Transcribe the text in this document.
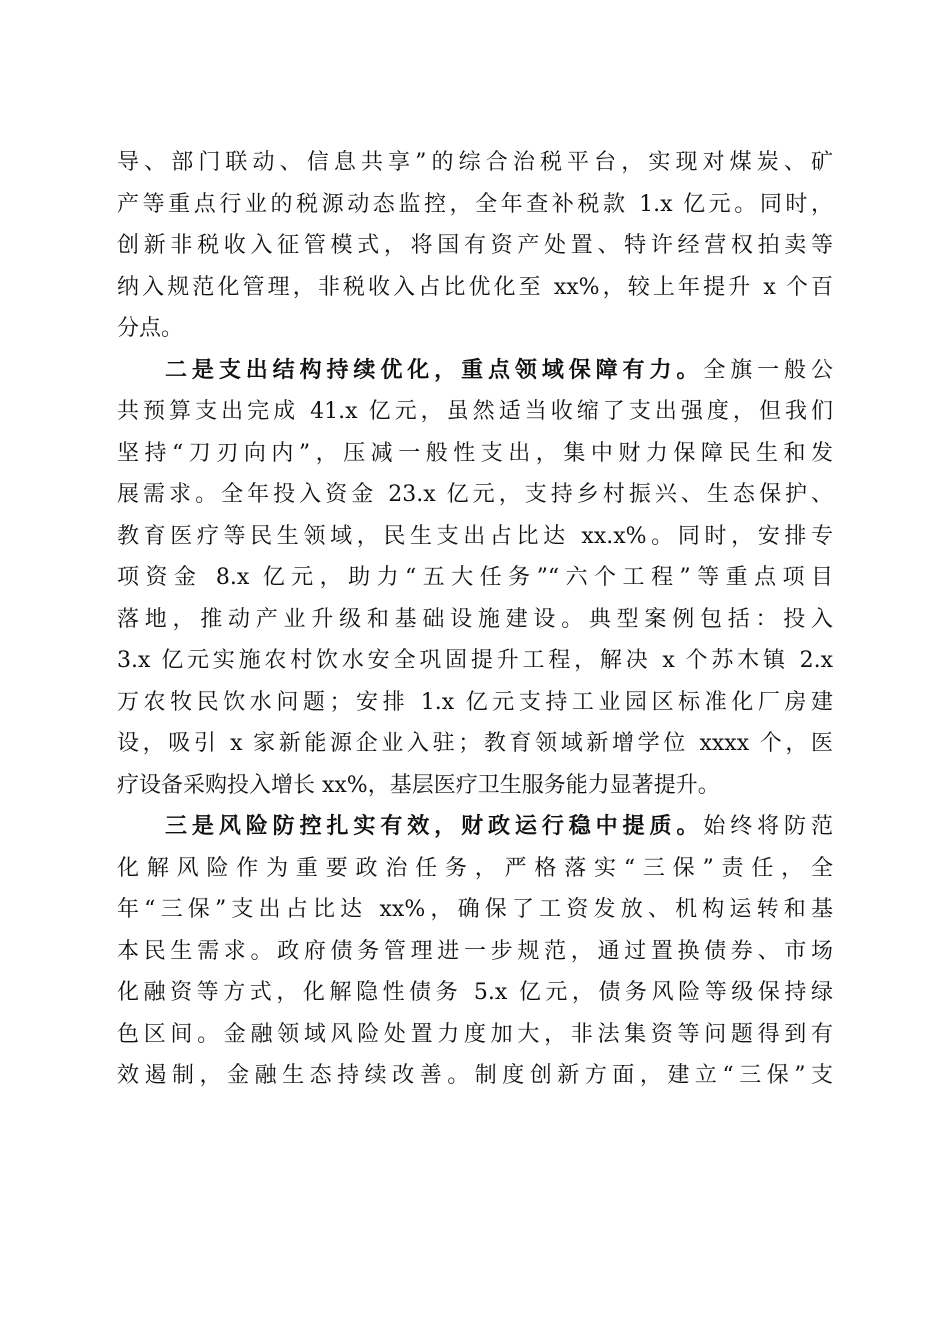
导、部门联动、信息共享”的综合治税平台，实现对煤炭、矿
产等重点行业的税源动态监控，全年查补税款 1.x 亿元。同时，
创新非税收入征管模式，将国有资产处置、特许经营权拍卖等
纳入规范化管理，非税收入占比优化至 xx%，较上年提升 x 个百
分点。
二是支出结构持续优化，重点领域保障有力。全旗一般公
共预算支出完成 41.x 亿元，虽然适当收缩了支出强度，但我们
坚持“刀刃向内”，压减一般性支出，集中财力保障民生和发
展需求。全年投入资金 23.x 亿元，支持乡村振兴、生态保护、
教育医疗等民生领域，民生支出占比达 xx.x%。同时，安排专
项资金 8.x 亿元，助力“五大任务”“六个工程”等重点项目
落地，推动产业升级和基础设施建设。典型案例包括：投入
3.x 亿元实施农村饮水安全巩固提升工程，解决 x 个苏木镇 2.x
万农牧民饮水问题；安排 1.x 亿元支持工业园区标准化厂房建
设，吸引 x 家新能源企业入驻；教育领域新增学位 xxxx 个，医
疗设备采购投入增长 xx%，基层医疗卫生服务能力显著提升。
三是风险防控扎实有效，财政运行稳中提质。始终将防范
化解风险作为重要政治任务，严格落实“三保”责任，全
年“三保”支出占比达 xx%，确保了工资发放、机构运转和基
本民生需求。政府债务管理进一步规范，通过置换债券、市场
化融资等方式，化解隐性债务 5.x 亿元，债务风险等级保持绿
色区间。金融领域风险处置力度加大，非法集资等问题得到有
效遏制，金融生态持续改善。制度创新方面，建立“三保”支
